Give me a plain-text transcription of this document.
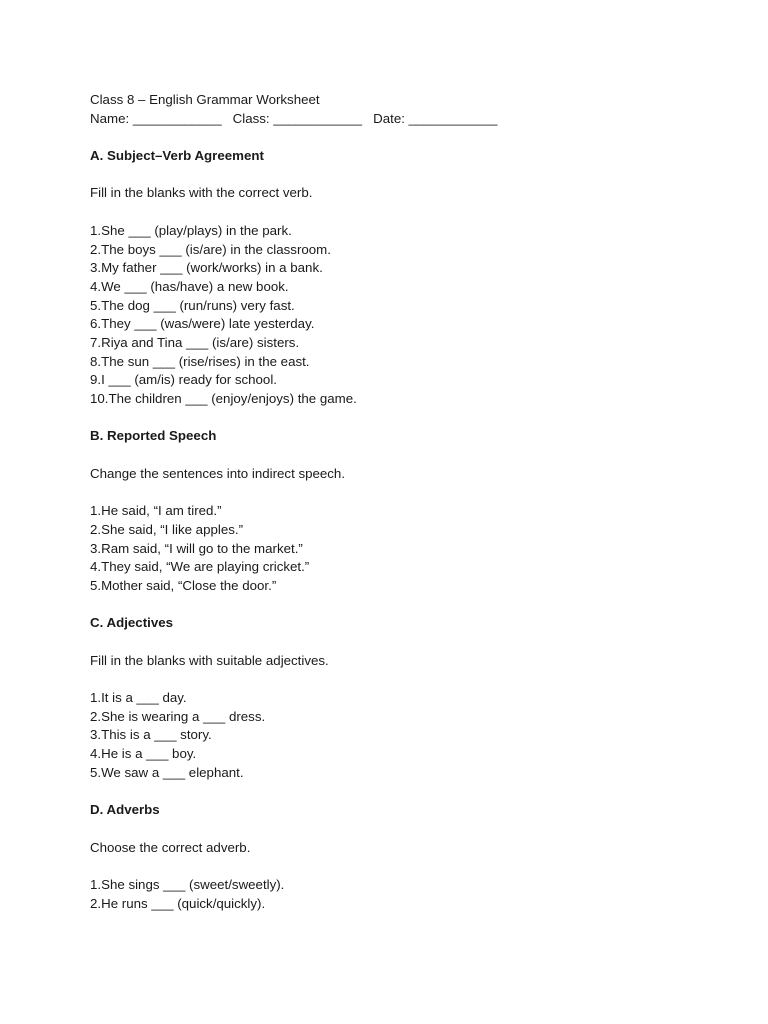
Class 8 – English Grammar Worksheet
Name: ____________   Class: ____________   Date: ____________
A. Subject–Verb Agreement
Fill in the blanks with the correct verb.
1.She ___ (play/plays) in the park.
2.The boys ___ (is/are) in the classroom.
3.My father ___ (work/works) in a bank.
4.We ___ (has/have) a new book.
5.The dog ___ (run/runs) very fast.
6.They ___ (was/were) late yesterday.
7.Riya and Tina ___ (is/are) sisters.
8.The sun ___ (rise/rises) in the east.
9.I ___ (am/is) ready for school.
10.The children ___ (enjoy/enjoys) the game.
B. Reported Speech
Change the sentences into indirect speech.
1.He said, “I am tired.”
2.She said, “I like apples.”
3.Ram said, “I will go to the market.”
4.They said, “We are playing cricket.”
5.Mother said, “Close the door.”
C. Adjectives
Fill in the blanks with suitable adjectives.
1.It is a ___ day.
2.She is wearing a ___ dress.
3.This is a ___ story.
4.He is a ___ boy.
5.We saw a ___ elephant.
D. Adverbs
Choose the correct adverb.
1.She sings ___ (sweet/sweetly).
2.He runs ___ (quick/quickly).
